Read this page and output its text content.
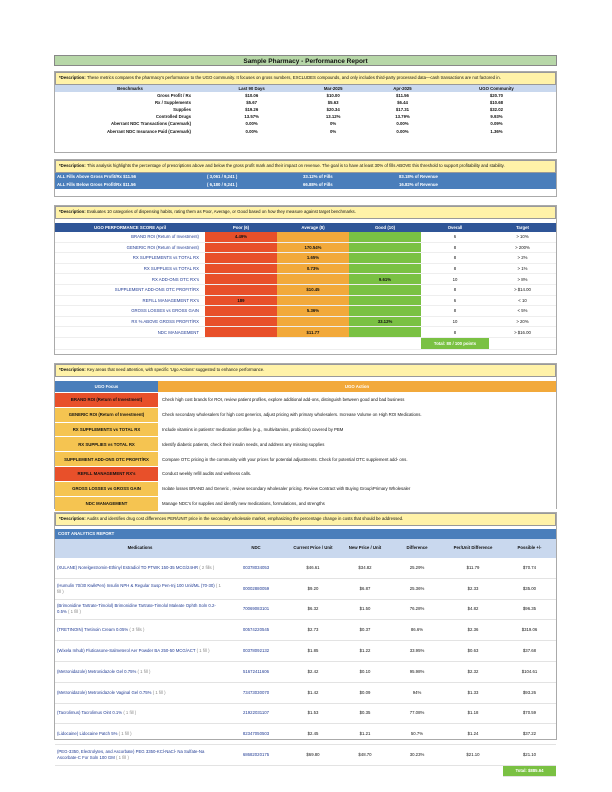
Sample Pharmacy - Performance Report
*Description: These metrics compares the pharmacy's performance to the UGO community. It focuses on gross numbers, EXCLUDES compounds, and only includes third-party processed data—cash transactions are not factored in.
Benchmarks	Last 90 Days	Mar-2025	Apr-2025	UGO Community
Gross Profit / Rx	$10.06	$10.00	$11.56	$20.70
Rx / Supplements	$5.67	$5.63	$6.44	$10.68
Supplies	$19.26	$20.34	$17.31	$32.02
Controlled Drugs	13.57%	13.12%	13.79%	9.93%
Aberrant NDC Transactions (Caremark)	0.00%	0%	0.00%	0.09%
Aberrant NDC Insurance Paid (Caremark)	0.00%	0%	0.00%	1.36%
*Description: This analysis highlights the percentage of prescriptions above and below the gross profit mark and their impact on revenue. The goal is to have at least 30% of fills ABOVE this threshold to support profitability and stability.
ALL Fills Above Gross Profit/Rx $11.56	( 3,061 / 9,241 )	33.12% of Fills	83.18% of Revenue
ALL Fills Below Gross Profit/Rx $11.56	( 6,180 / 9,241 )	66.88% of Fills	16.82% of Revenue
*Description: Evaluates 10 categories of dispensing habits, rating them as Poor, Average, or Good based on how they measure against target benchmarks.
UGO PERFORMANCE SCORE April	Poor (6)	Average (8)	Good (10)	Overall	Target
BRAND ROI (Return of Investment)	4.49%			6	> 10%
GENERIC ROI (Return of Investment)		170.54%		8	> 200%
RX SUPPLEMENTS vs TOTAL RX		1.65%		8	> 2%
RX SUPPLIES vs TOTAL RX		0.73%		8	> 1%
RX ADD-ONS OTC RX's			9.61%	10	> 8%
SUPPLEMENT ADD-ONS OTC PROFIT/RX		$10.45		8	> $14.00
REFILL MANAGEMENT RX's	189			6	< 10
GROSS LOSSES vs GROSS GAIN		5.36%		8	< 5%
RX % ABOVE GROSS PROFIT/RX			33.12%	10	> 20%
NDC MANAGEMENT		$11.77		8	> $16.00
				Total: 80 / 100 points	
*Description: Key areas that need attention, with specific 'Ugo Actions' suggested to enhance performance.
UGO Focus	UGO Action
BRAND ROI (Return of Investment)	Check high cost brands for ROI, review patient profiles, explore additional add-ons, distinguish between good and bad business
GENERIC ROI (Return of Investment)	Check secondary wholesalers for high cost generics, adjust pricing with primary wholesalers. Increase Volume on High ROI Medications.
RX SUPPLEMENTS vs TOTAL RX	Include vitamins in patients' medication profiles (e.g., multivitamins, probiotics) covered by PBM
RX SUPPLIES vs TOTAL RX	Identify diabetic patients, check their insulin needs, and address any missing supplies
SUPPLEMENT ADD-ONS OTC PROFIT/RX	Compare OTC pricing in the community with your prices for potential adjustments. Check for potential OTC supplement add- ons.
REFILL MANAGEMENT RX's	Conduct weekly refill audits and wellness calls.
GROSS LOSSES vs GROSS GAIN	Isolate losses BRAND and Generic , review secondary wholesaler pricing. Review Contract with Buying Group\Primary Wholesaler
NDC MANAGEMENT	Manage NDC's for supplies and identify new medications, formulations, and strengths
*Description: Audits and identifies drug cost differences PER/UNIT price in the secondary wholesale market, emphasizing the percentage change in costs that should be addressed.
COST ANALYTICS REPORT
Medications	NDC	Current Price / Unit	New Price / Unit	Difference	Per/Unit Difference	Possible +/-
(XULANE) Norelgestromin-Ethinyl Estradiol TD PTWK 150-35 MCG/24HR ( 2 fills )	00378034053	$46.61	$34.82	25.29%	$11.79	$70.74
(Humulin 70/30 KwikPen) Insulin NPH & Regular Susp Pen-Inj 100 Unit/ML (70-30) ( 1 fill )	00002880059	$9.20	$6.87	25.36%	$2.33	$35.00
(Brimonidine Tartrate-Timolol) Brimonidine Tartrate-Timolol Maleate Ophth Soln 0.2-0.5% ( 1 fill )	70069083101	$6.32	$1.50	76.28%	$4.82	$96.35
(TRETINOIN) Tretinoin Cream 0.05% ( 3 fills )	00574220545	$2.73	$0.37	86.6%	$2.36	$319.06
(Wixela Inhub) Fluticasone-Salmeterol Aer Powder BA 250-50 MCG/ACT ( 1 fill )	00378092132	$1.85	$1.22	33.95%	$0.63	$37.68
(Metronidazole) Metronidazole Gel 0.75% ( 1 fill )	51672411606	$2.42	$0.10	95.98%	$2.32	$104.61
(Metronidazole) Metronidazole Vaginal Gel 0.75% ( 1 fill )	73473030070	$1.42	$0.09	94%	$1.33	$93.26
(Tacrolimus) Tacrolimus Oint 0.1% ( 1 fill )	21922031107	$1.53	$0.35	77.08%	$1.18	$70.59
(Lidocaine) Lidocaine Patch 5% ( 1 fill )	82347050503	$2.45	$1.21	50.7%	$1.24	$37.22
(PEG-3350, Electrolytes, and Ascorbate) PEG 3350-KCl-NaCl- Na Sulfate-Na Ascorbate-C For Soln 100 GM ( 1 fill )	68682020175	$69.80	$48.70	30.23%	$21.10	$21.10
						Total: $885.64
